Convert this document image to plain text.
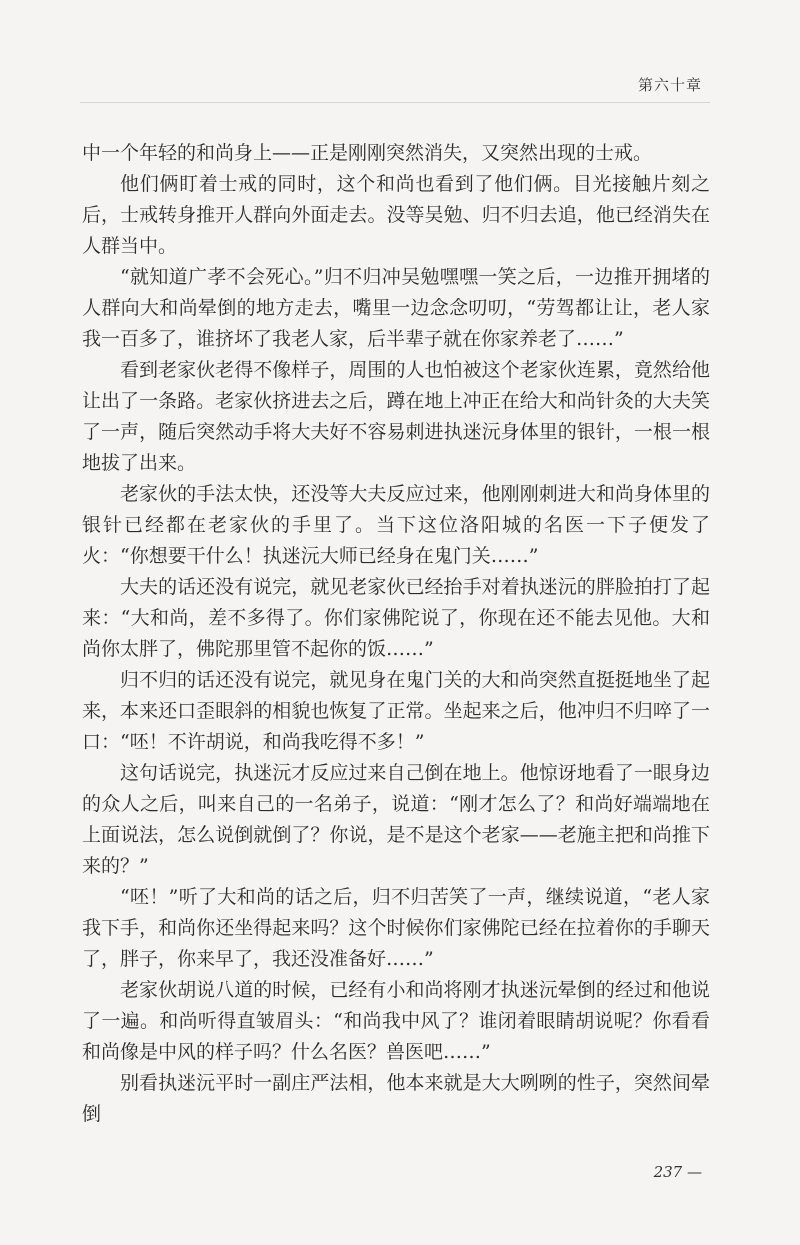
第六十章

中一个年轻的和尚身上——正是刚刚突然消失，又突然出现的士戒。

他们俩盯着士戒的同时，这个和尚也看到了他们俩。目光接触片刻之后，士戒转身推开人群向外面走去。没等吴勉、归不归去追，他已经消失在人群当中。

“就知道广孝不会死心。”归不归冲吴勉嘿嘿一笑之后，一边推开拥堵的人群向大和尚晕倒的地方走去，嘴里一边念念叨叨，“劳驾都让让，老人家我一百多了，谁挤坏了我老人家，后半辈子就在你家养老了……”

看到老家伙老得不像样子，周围的人也怕被这个老家伙连累，竟然给他让出了一条路。老家伙挤进去之后，蹲在地上冲正在给大和尚针灸的大夫笑了一声，随后突然动手将大夫好不容易刺进执迷沅身体里的银针，一根一根地拔了出来。

老家伙的手法太快，还没等大夫反应过来，他刚刚刺进大和尚身体里的银针已经都在老家伙的手里了。当下这位洛阳城的名医一下子便发了火：“你想要干什么！执迷沅大师已经身在鬼门关……”

大夫的话还没有说完，就见老家伙已经抬手对着执迷沅的胖脸拍打了起来：“大和尚，差不多得了。你们家佛陀说了，你现在还不能去见他。大和尚你太胖了，佛陀那里管不起你的饭……”

归不归的话还没有说完，就见身在鬼门关的大和尚突然直挺挺地坐了起来，本来还口歪眼斜的相貌也恢复了正常。坐起来之后，他冲归不归啐了一口：“呸！不许胡说，和尚我吃得不多！”

这句话说完，执迷沅才反应过来自己倒在地上。他惊讶地看了一眼身边的众人之后，叫来自己的一名弟子，说道：“刚才怎么了？和尚好端端地在上面说法，怎么说倒就倒了？你说，是不是这个老家——老施主把和尚推下来的？”

“呸！”听了大和尚的话之后，归不归苦笑了一声，继续说道，“老人家我下手，和尚你还坐得起来吗？这个时候你们家佛陀已经在拉着你的手聊天了，胖子，你来早了，我还没准备好……”

老家伙胡说八道的时候，已经有小和尚将刚才执迷沅晕倒的经过和他说了一遍。和尚听得直皱眉头：“和尚我中风了？谁闭着眼睛胡说呢？你看看和尚像是中风的样子吗？什么名医？兽医吧……”

别看执迷沅平时一副庄严法相，他本来就是大大咧咧的性子，突然间晕倒

237 —
